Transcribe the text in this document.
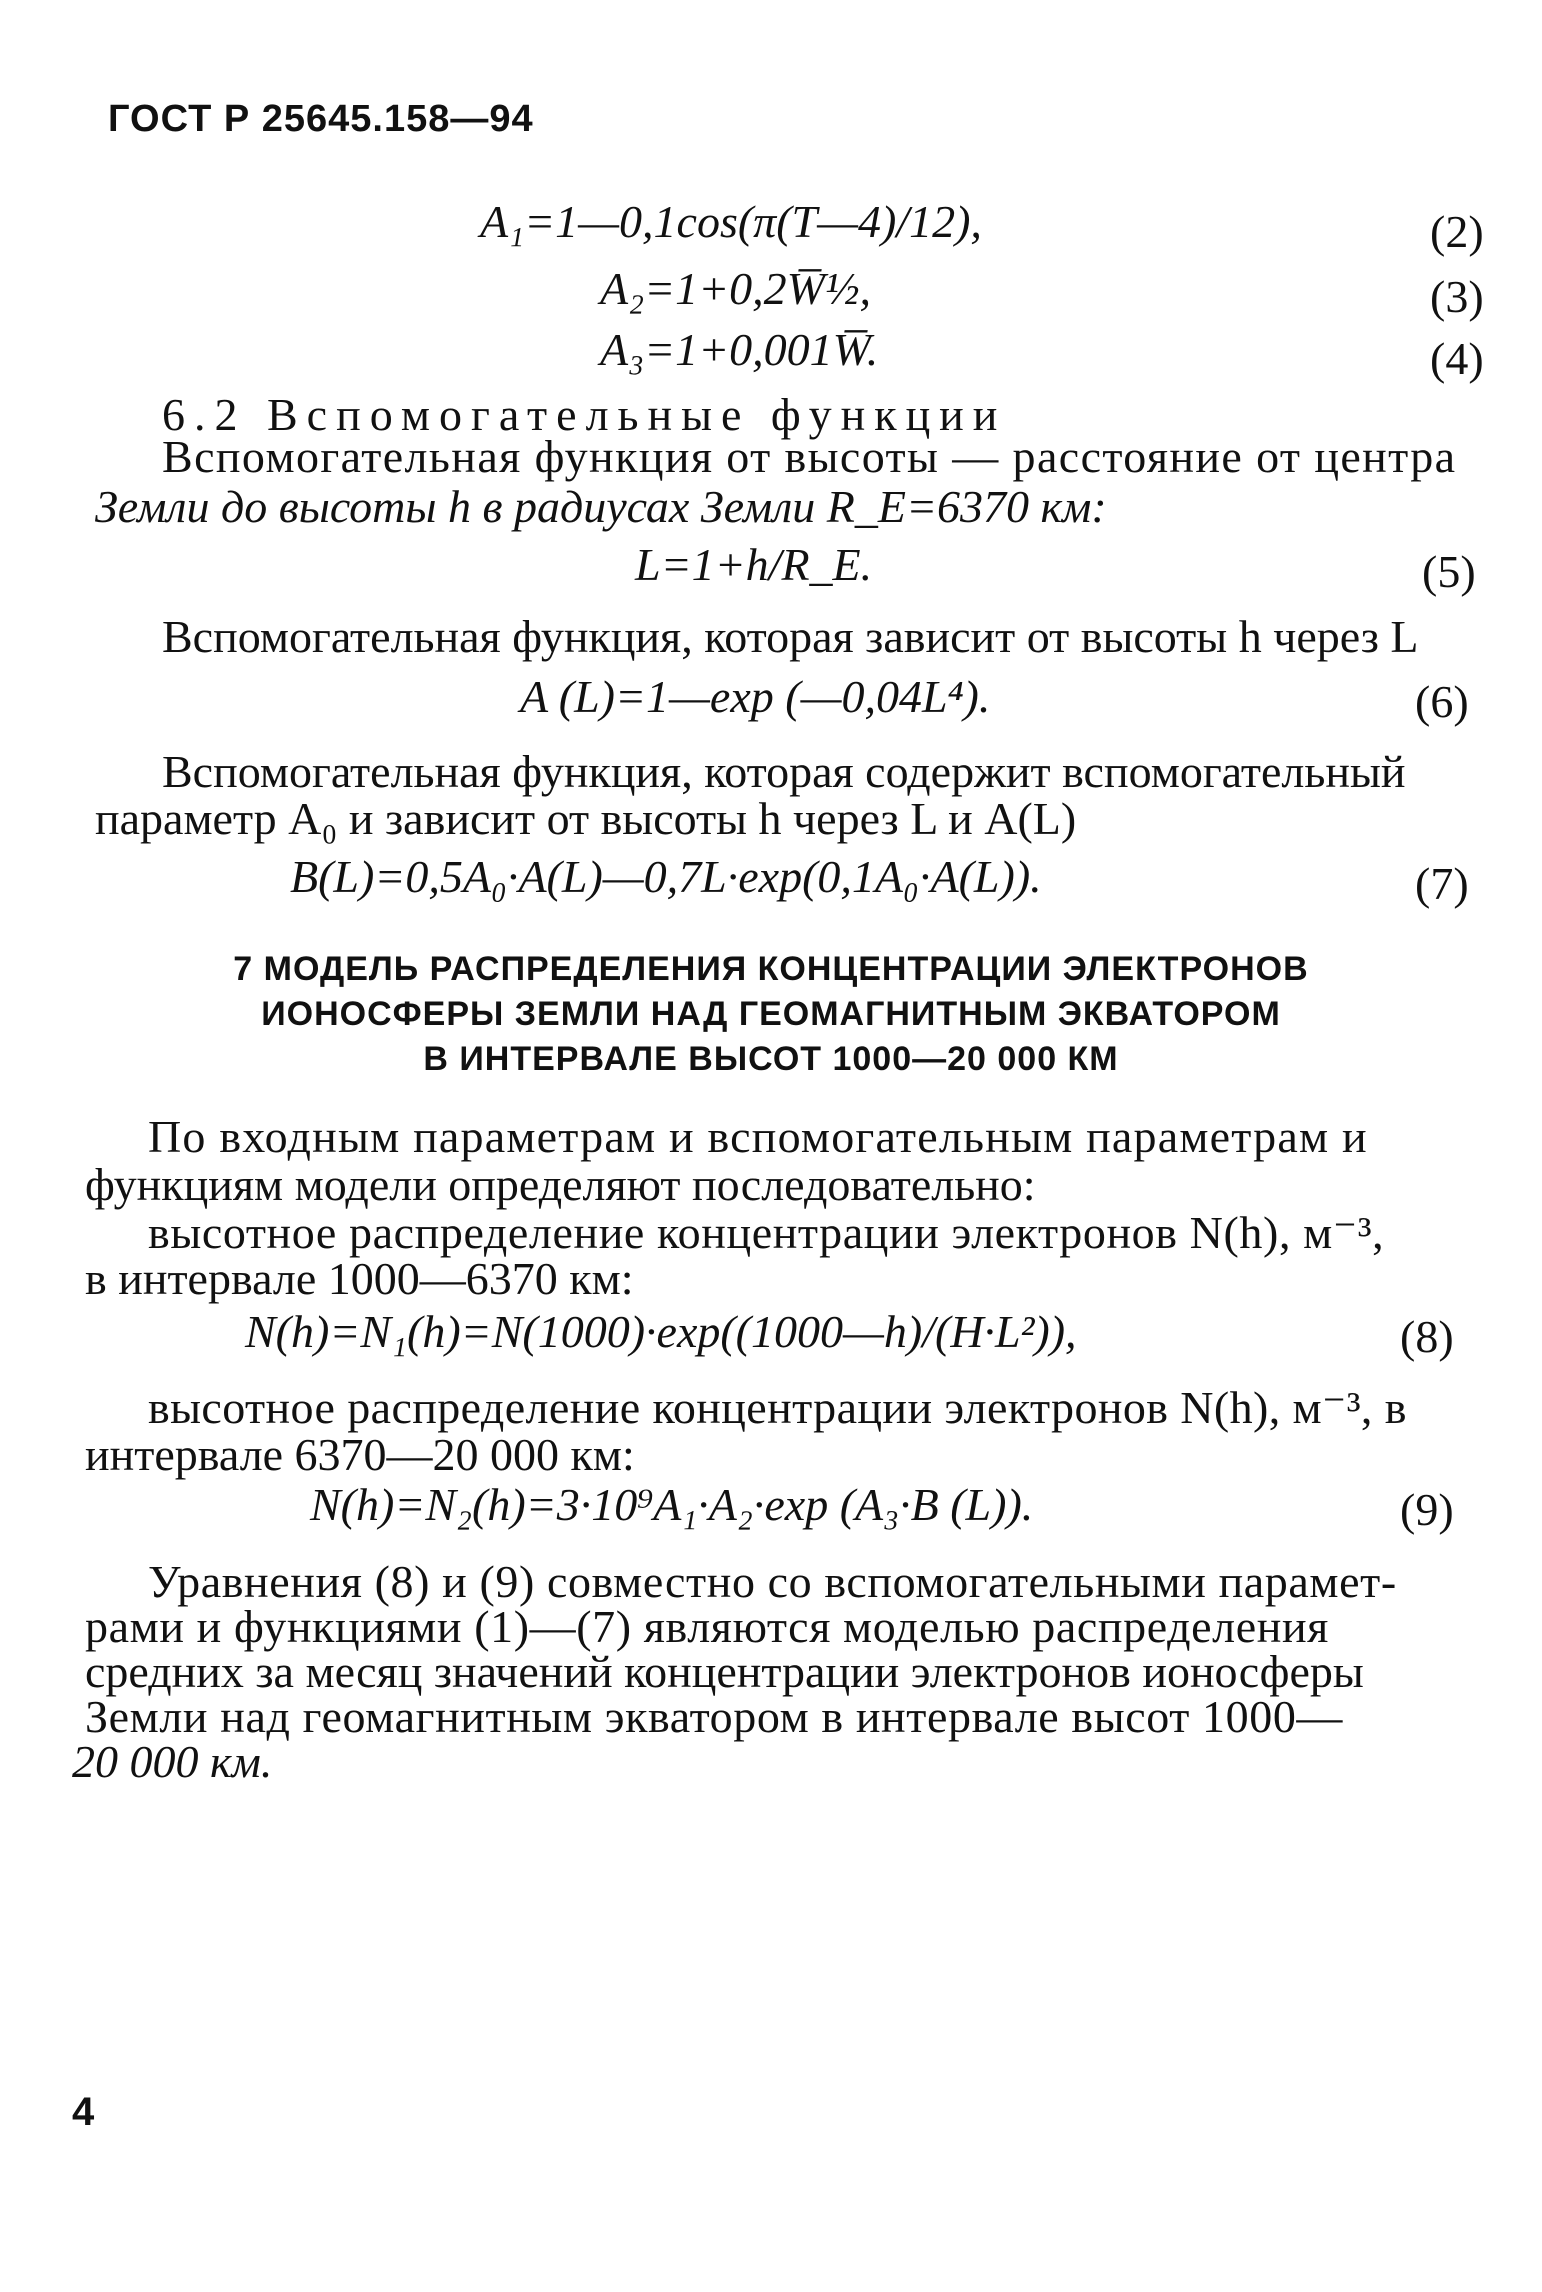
ГОСТ Р 25645.158—94
A₁=1—0,1cos(π(T—4)/12),	(2)
A₂=1+0,2W̅½,	(3)
A₃=1+0,001W̅.	(4)
6.2 Вспомогательные функции
Вспомогательная функция от высоты — расстояние от центра
Земли до высоты h в радиусах Земли R_E=6370 км:
L=1+h/R_E.	(5)
Вспомогательная функция, которая зависит от высоты h через L
A (L)=1—exp (—0,04L⁴).	(6)
Вспомогательная функция, которая содержит вспомогательный
параметр A₀ и зависит от высоты h через L и A(L)
B(L)=0,5A₀·A(L)—0,7L·exp(0,1A₀·A(L)).	(7)
7 МОДЕЛЬ РАСПРЕДЕЛЕНИЯ КОНЦЕНТРАЦИИ ЭЛЕКТРОНОВ
ИОНОСФЕРЫ ЗЕМЛИ НАД ГЕОМАГНИТНЫМ ЭКВАТОРОМ
В ИНТЕРВАЛЕ ВЫСОТ 1000—20 000 КМ
По входным параметрам и вспомогательным параметрам и
функциям модели определяют последовательно:
высотное распределение концентрации электронов N(h), м⁻³,
в интервале 1000—6370 км:
N(h)=N₁(h)=N(1000)·exp((1000—h)/(H·L²)),	(8)
высотное распределение концентрации электронов N(h), м⁻³, в
интервале 6370—20 000 км:
N(h)=N₂(h)=3·10⁹A₁·A₂·exp (A₃·B (L)).	(9)
Уравнения (8) и (9) совместно со вспомогательными парамет-
рами и функциями (1)—(7) являются моделью распределения
средних за месяц значений концентрации электронов ионосферы
Земли над геомагнитным экватором в интервале высот 1000—
20 000 км.
4
